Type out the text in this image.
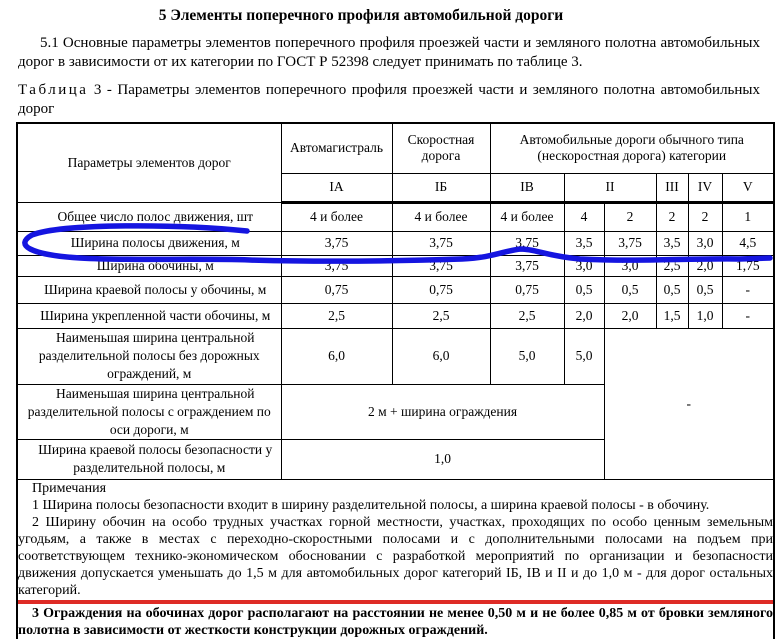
5 Элементы поперечного профиля автомобильной дороги

5.1 Основные параметры элементов поперечного профиля проезжей части и земляного полотна автомобильных дорог в зависимости от их категории по ГОСТ Р 52398 следует принимать по таблице 3.

Таблица 3 - Параметры элементов поперечного профиля проезжей части и земляного полотна автомобильных дорог

Параметры элементов дорог	Автомагистраль	Скоростная дорога	Автомобильные дороги обычного типа (нескоростная дорога) категории					
	IA	IБ	IВ	II		III	IV	V
Общее число полос движения, шт	4 и более	4 и более	4 и более	4	2	2	2	1
Ширина полосы движения, м	3,75	3,75	3,75	3,5	3,75	3,5	3,0	4,5
Ширина обочины, м	3,75	3,75	3,75	3,0	3,0	2,5	2,0	1,75
Ширина краевой полосы у обочины, м	0,75	0,75	0,75	0,5	0,5	0,5	0,5	-
Ширина укрепленной части обочины, м	2,5	2,5	2,5	2,0	2,0	1,5	1,0	-
Наименьшая ширина центральной разделительной полосы без дорожных ограждений, м	6,0	6,0	5,0	5,0	-			
Наименьшая ширина центральной разделительной полосы с ограждением по оси дороги, м	2 м + ширина ограждения							
Ширина краевой полосы безопасности у разделительной полосы, м	1,0							

Примечания

1 Ширина полосы безопасности входит в ширину разделительной полосы, а ширина краевой полосы - в обочину.

2 Ширину обочин на особо трудных участках горной местности, участках, проходящих по особо ценным земельным угодьям, а также в местах с переходно-скоростными полосами и с дополнительными полосами на подъем при соответствующем технико-экономическом обосновании с разработкой мероприятий по организации и безопасности движения допускается уменьшать до 1,5 м для автомобильных дорог категорий IБ, IВ и II и до 1,0 м - для дорог остальных категорий.

3 Ограждения на обочинах дорог располагают на расстоянии не менее 0,50 м и не более 0,85 м от бровки земляного полотна в зависимости от жесткости конструкции дорожных ограждений.								
